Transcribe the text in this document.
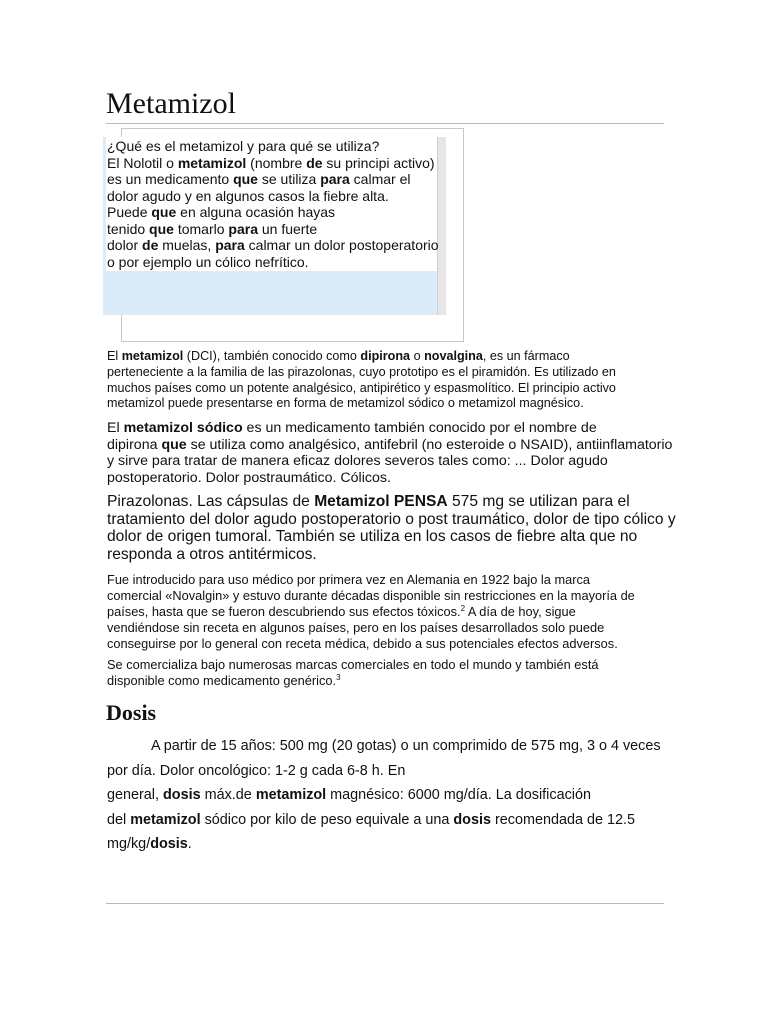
Metamizol
¿Qué es el metamizol y para qué se utiliza?
El Nolotil o metamizol (nombre de su principi activo)
es un medicamento que se utiliza para calmar el
dolor agudo y en algunos casos la fiebre alta.
Puede que en alguna ocasión hayas
tenido que tomarlo para un fuerte
dolor de muelas, para calmar un dolor postoperatorio
o por ejemplo un cólico nefrítico.

El metamizol (DCI), también conocido como dipirona o novalgina, es un fármaco
perteneciente a la familia de las pirazolonas, cuyo prototipo es el piramidón. Es utilizado en
muchos países como un potente analgésico, antipirético y espasmolítico. El principio activo
metamizol puede presentarse en forma de metamizol sódico o metamizol magnésico.

El metamizol sódico es un medicamento también conocido por el nombre de
dipirona que se utiliza como analgésico, antifebril (no esteroide o NSAID), antiinflamatorio
y sirve para tratar de manera eficaz dolores severos tales como: ... Dolor agudo
postoperatorio. Dolor postraumático. Cólicos.

Pirazolonas. Las cápsulas de Metamizol PENSA 575 mg se utilizan para el
tratamiento del dolor agudo postoperatorio o post traumático, dolor de tipo cólico y
dolor de origen tumoral. También se utiliza en los casos de fiebre alta que no
responda a otros antitérmicos.

Fue introducido para uso médico por primera vez en Alemania en 1922 bajo la marca
comercial «Novalgin» y estuvo durante décadas disponible sin restricciones en la mayoría de
países, hasta que se fueron descubriendo sus efectos tóxicos.$^2$ A día de hoy, sigue
vendiéndose sin receta en algunos países, pero en los países desarrollados solo puede
conseguirse por lo general con receta médica, debido a sus potenciales efectos adversos.

Se comercializa bajo numerosas marcas comerciales en todo el mundo y también está
disponible como medicamento genérico.$^3$

Dosis

A partir de 15 años: 500 mg (20 gotas) o un comprimido de 575 mg, 3 o 4 veces
por día. Dolor oncológico: 1-2 g cada 6-8 h. En
general, dosis máx.de metamizol magnésico: 6000 mg/día. La dosificación
del metamizol sódico por kilo de peso equivale a una dosis recomendada de 12.5
mg/kg/dosis.
